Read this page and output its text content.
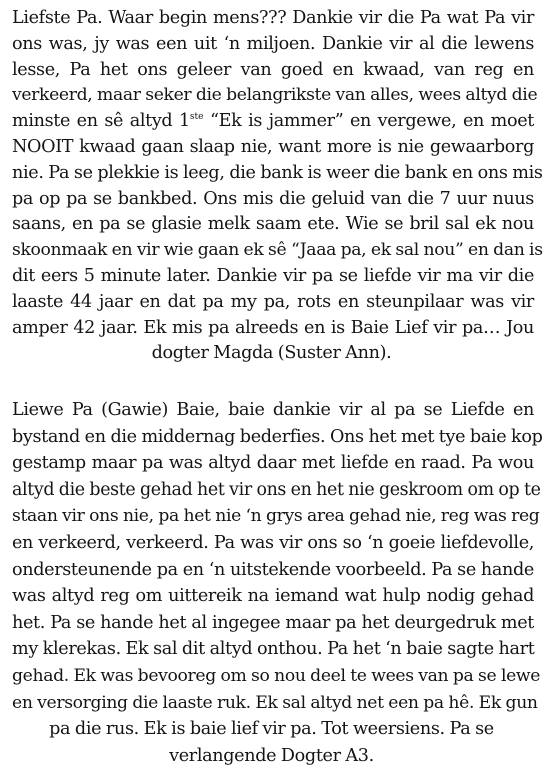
Liefste Pa. Waar begin mens??? Dankie vir die Pa wat Pa vir
ons was, jy was een uit ‘n miljoen. Dankie vir al die lewens
lesse, Pa het ons geleer van goed en kwaad, van reg en
verkeerd, maar seker die belangrikste van alles, wees altyd die
minste en sê altyd 1ste “Ek is jammer” en vergewe, en moet
NOOIT kwaad gaan slaap nie, want more is nie gewaarborg
nie. Pa se plekkie is leeg, die bank is weer die bank en ons mis
pa op pa se bankbed. Ons mis die geluid van die 7 uur nuus
saans, en pa se glasie melk saam ete. Wie se bril sal ek nou
skoonmaak en vir wie gaan ek sê “Jaaa pa, ek sal nou” en dan is
dit eers 5 minute later. Dankie vir pa se liefde vir ma vir die
laaste 44 jaar en dat pa my pa, rots en steunpilaar was vir
amper 42 jaar. Ek mis pa alreeds en is Baie Lief vir pa… Jou
dogter Magda (Suster Ann).
Liewe Pa (Gawie) Baie, baie dankie vir al pa se Liefde en
bystand en die middernag bederfies. Ons het met tye baie kop
gestamp maar pa was altyd daar met liefde en raad. Pa wou
altyd die beste gehad het vir ons en het nie geskroom om op te
staan vir ons nie, pa het nie ‘n grys area gehad nie, reg was reg
en verkeerd, verkeerd. Pa was vir ons so ‘n goeie liefdevolle,
ondersteunende pa en ‘n uitstekende voorbeeld. Pa se hande
was altyd reg om uittereik na iemand wat hulp nodig gehad
het. Pa se hande het al ingegee maar pa het deurgedruk met
my klerekas. Ek sal dit altyd onthou. Pa het ‘n baie sagte hart
gehad. Ek was bevooreg om so nou deel te wees van pa se lewe
en versorging die laaste ruk. Ek sal altyd net een pa hê. Ek gun
pa die rus. Ek is baie lief vir pa. Tot weersiens. Pa se
verlangende Dogter A3.
